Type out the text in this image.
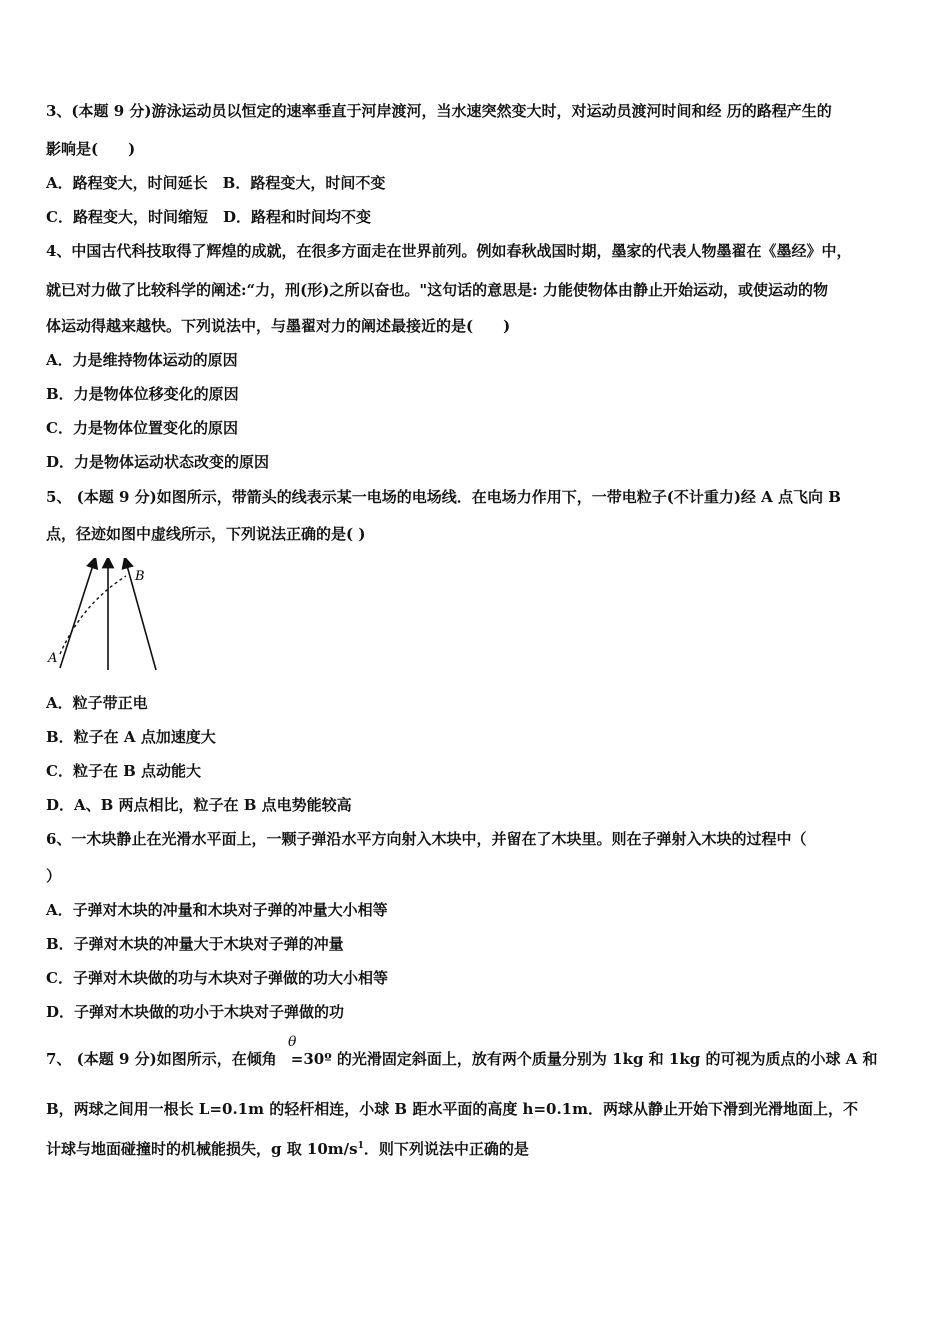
3、(本题 9 分)游泳运动员以恒定的速率垂直于河岸渡河，当水速突然变大时，对运动员渡河时间和经 历的路程产生的
影响是(　　)
A．路程变大，时间延长　B．路程变大，时间不变
C．路程变大，时间缩短　D．路程和时间均不变
4、中国古代科技取得了辉煌的成就，在很多方面走在世界前列。例如春秋战国时期，墨家的代表人物墨翟在《墨经》中，
就已对力做了比较科学的阐述:“力，刑(形)之所以奋也。"这句话的意思是: 力能使物体由静止开始运动，或使运动的物
体运动得越来越快。下列说法中，与墨翟对力的阐述最接近的是(　　)
A．力是维持物体运动的原因
B．力是物体位移变化的原因
C．力是物体位置变化的原因
D．力是物体运动状态改变的原因
5、 (本题 9 分)如图所示，带箭头的线表示某一电场的电场线．在电场力作用下，一带电粒子(不计重力)经 A 点飞向 B
点，径迹如图中虚线所示，下列说法正确的是( )
A
B
A．粒子带正电
B．粒子在 A 点加速度大
C．粒子在 B 点动能大
D．A、B 两点相比，粒子在 B 点电势能较高
6、一木块静止在光滑水平面上，一颗子弹沿水平方向射入木块中，并留在了木块里。则在子弹射入木块的过程中（
）
A．子弹对木块的冲量和木块对子弹的冲量大小相等
B．子弹对木块的冲量大于木块对子弹的冲量
C．子弹对木块做的功与木块对子弹做的功大小相等
D．子弹对木块做的功小于木块对子弹做的功
7、 (本题 9 分)如图所示，在倾角 =30º 的光滑固定斜面上，放有两个质量分别为 1kg 和 1kg 的可视为质点的小球 A 和
θ
B，两球之间用一根长 L=0.1m 的轻杆相连，小球 B 距水平面的高度 h=0.1m．两球从静止开始下滑到光滑地面上，不
计球与地面碰撞时的机械能损失，g 取 $10m/s^1$．则下列说法中正确的是
